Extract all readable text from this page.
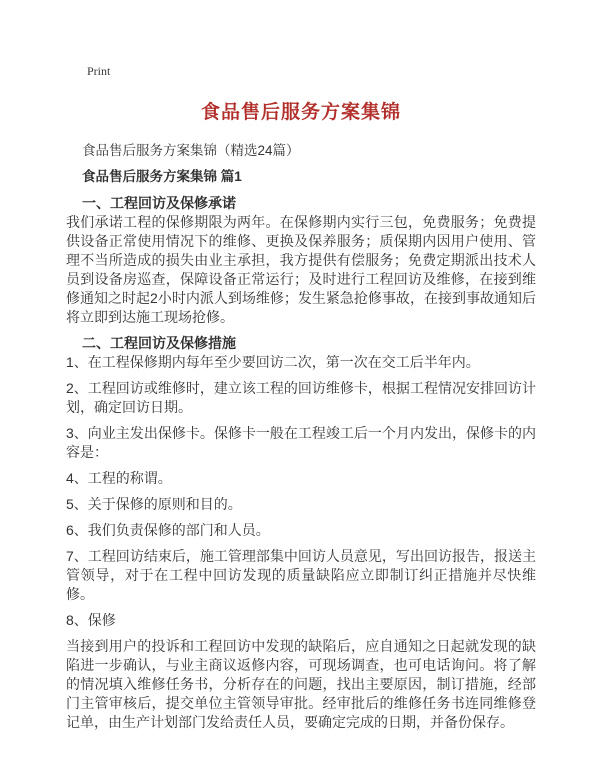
Print
食品售后服务方案集锦

食品售后服务方案集锦（精选24篇）

食品售后服务方案集锦 篇1

一、工程回访及保修承诺

我们承诺工程的保修期限为两年。在保修期内实行三包，免费服务；免费提供设备正常使用情况下的维修、更换及保养服务；质保期内因用户使用、管理不当所造成的损失由业主承担，我方提供有偿服务；免费定期派出技术人员到设备房巡查，保障设备正常运行；及时进行工程回访及维修，在接到维修通知之时起2小时内派人到场维修；发生紧急抢修事故，在接到事故通知后将立即到达施工现场抢修。

二、工程回访及保修措施

1、在工程保修期内每年至少要回访二次，第一次在交工后半年内。

2、工程回访或维修时，建立该工程的回访维修卡，根据工程情况安排回访计划，确定回访日期。

3、向业主发出保修卡。保修卡一般在工程竣工后一个月内发出，保修卡的内容是：

4、工程的称谓。

5、关于保修的原则和目的。

6、我们负责保修的部门和人员。

7、工程回访结束后，施工管理部集中回访人员意见，写出回访报告，报送主管领导，对于在工程中回访发现的质量缺陷应立即制订纠正措施并尽快维修。

8、保修

当接到用户的投诉和工程回访中发现的缺陷后，应自通知之日起就发现的缺陷进一步确认，与业主商议返修内容，可现场调查，也可电话询问。将了解的情况填入维修任务书，分析存在的问题，找出主要原因，制订措施，经部门主管审核后，提交单位主管领导审批。经审批后的维修任务书连同维修登记单，由生产计划部门发给责任人员，要确定完成的日期，并备份保存。
